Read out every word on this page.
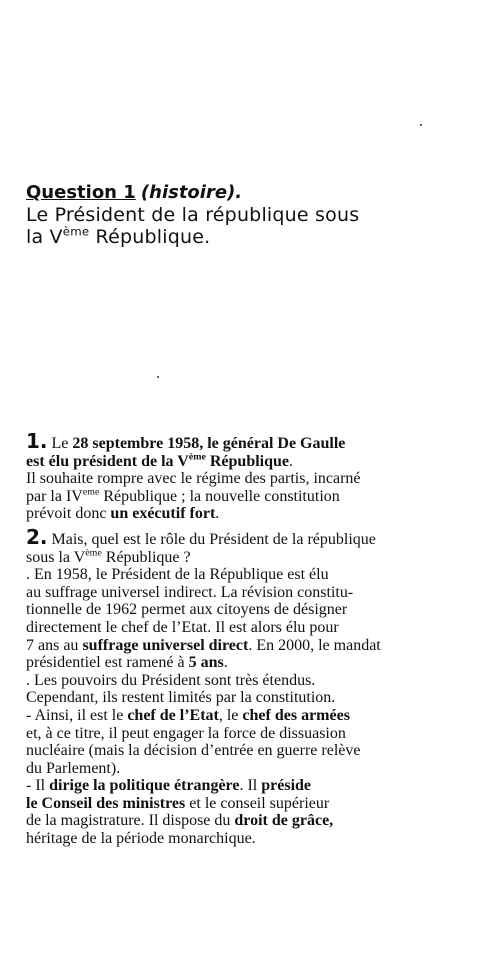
Question 1 (histoire).
Le Président de la république sous
la Vème République.

1. Le 28 septembre 1958, le général De Gaulle

est élu président de la Vème République.

Il souhaite rompre avec le régime des partis, incarné

par la IVeme République ; la nouvelle constitution

prévoit donc un exécutif fort.

2. Mais, quel est le rôle du Président de la république

sous la Vème République ?

. En 1958, le Président de la République est élu

au suffrage universel indirect. La révision constitu-

tionnelle de 1962 permet aux citoyens de désigner

directement le chef de l’Etat. Il est alors élu pour

7 ans au suffrage universel direct. En 2000, le mandat

présidentiel est ramené à 5 ans.

. Les pouvoirs du Président sont très étendus.

Cependant, ils restent limités par la constitution.

- Ainsi, il est le chef de l’Etat, le chef des armées

et, à ce titre, il peut engager la force de dissuasion

nucléaire (mais la décision d’entrée en guerre relève

du Parlement).

- Il dirige la politique étrangère. Il préside

le Conseil des ministres et le conseil supérieur

de la magistrature. Il dispose du droit de grâce,

héritage de la période monarchique.
